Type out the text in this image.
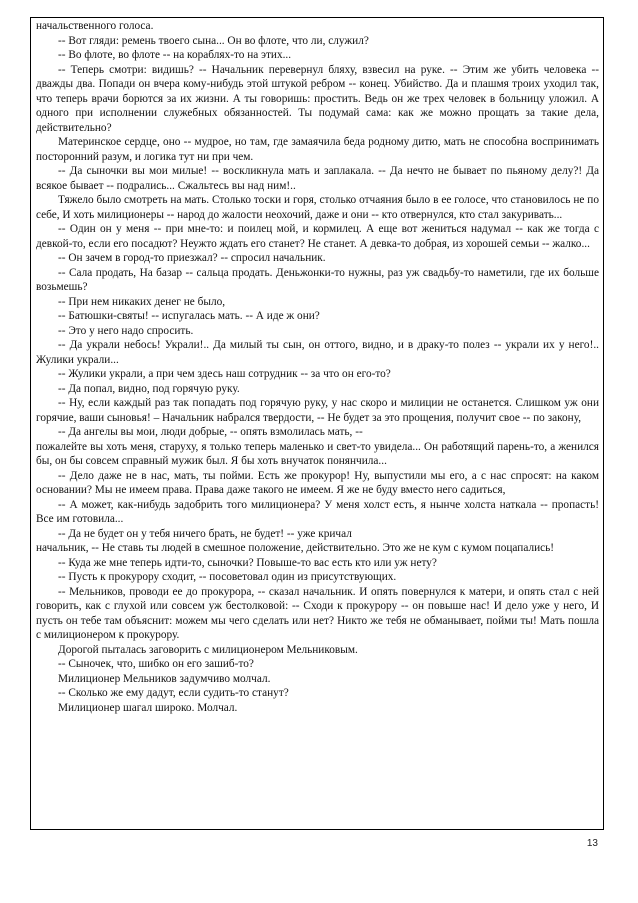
начальственного голоса.

-- Вот гляди: ремень твоего сына... Он во флоте, что ли, служил?

-- Во флоте, во флоте -- на кораблях-то на этих...

-- Теперь смотри: видишь? -- Начальник перевернул бляху, взвесил на руке. -- Этим же убить человека -- дважды два. Попади он вчера кому-нибудь этой штукой ребром -- конец. Убийство. Да и плашмя троих уходил так, что теперь врачи борются за их жизни. А ты говоришь: простить. Ведь он же трех человек в больницу уложил. А одного при исполнении служебных обязанностей. Ты подумай сама: как же можно прощать за такие дела, действительно?

Материнское сердце, оно -- мудрое, но там, где замаячила беда родному дитю, мать не способна воспринимать посторонний разум, и логика тут ни при чем.

-- Да сыночки вы мои милые! -- воскликнула мать и заплакала. -- Да нечто не бывает по пьяному делу?! Да всякое бывает -- подрались... Сжальтесь вы над ним!..

Тяжело было смотреть на мать. Столько тоски и горя, столько отчаяния было в ее голосе, что становилось не по себе, И хоть милиционеры -- народ до жалости неохочий, даже и они -- кто отвернулся, кто стал закуривать...

-- Один он у меня -- при мне-то: и поилец мой, и кормилец. А еще вот жениться надумал -- как же тогда с девкой-то, если его посадют? Неужто ждать его станет? Не станет. А девка-то добрая, из хорошей семьи -- жалко...

-- Он зачем в город-то приезжал? -- спросил начальник.

-- Сала продать, На базар -- сальца продать. Деньжонки-то нужны, раз уж свадьбу-то наметили, где их больше возьмешь?

-- При нем никаких денег не было,

-- Батюшки-святы! -- испугалась мать. -- А иде ж они?

-- Это у него надо спросить.

-- Да украли небось! Украли!.. Да милый ты сын, он оттого, видно, и в драку-то полез -- украли их у него!.. Жулики украли...

-- Жулики украли, а при чем здесь наш сотрудник -- за что он его-то?

-- Да попал, видно, под горячую руку.

-- Ну, если каждый раз так попадать под горячую руку, у нас скоро и милиции не останется. Слишком уж они горячие, ваши сыновья! – Начальник набрался твердости, -- Не будет за это прощения, получит свое -- по закону,

-- Да ангелы вы мои, люди добрые, -- опять взмолилась мать, --

пожалейте вы хоть меня, старуху, я только теперь маленько и свет-то увидела... Он работящий парень-то, а женился бы, он бы совсем справный мужик был. Я бы хоть внучаток понянчила...

-- Дело даже не в нас, мать, ты пойми. Есть же прокурор! Ну, выпустили мы его, а с нас спросят: на каком основании? Мы не имеем права. Права даже такого не имеем. Я же не буду вместо него садиться,

-- А может, как-нибудь задобрить того милиционера? У меня холст есть, я нынче холста наткала -- пропасть! Все им готовила...

-- Да не будет он у тебя ничего брать, не будет! -- уже кричал

начальник, -- Не ставь ты людей в смешное положение, действительно. Это же не кум с кумом поцапались!

-- Куда же мне теперь идти-то, сыночки? Повыше-то вас есть кто или уж нету?

-- Пусть к прокурору сходит, -- посоветовал один из присутствующих.

-- Мельников, проводи ее до прокурора, -- сказал начальник. И опять повернулся к матери, и опять стал с ней говорить, как с глухой или совсем уж бестолковой: -- Сходи к прокурору -- он повыше нас! И дело уже у него, И пусть он тебе там объяснит: можем мы чего сделать или нет? Никто же тебя не обманывает, пойми ты! Мать пошла с милиционером к прокурору.

Дорогой пыталась заговорить с милиционером Мельниковым.

-- Сыночек, что, шибко он его зашиб-то?

Милиционер Мельников задумчиво молчал.

-- Сколько же ему дадут, если судить-то станут?

Милиционер шагал широко. Молчал.

13
